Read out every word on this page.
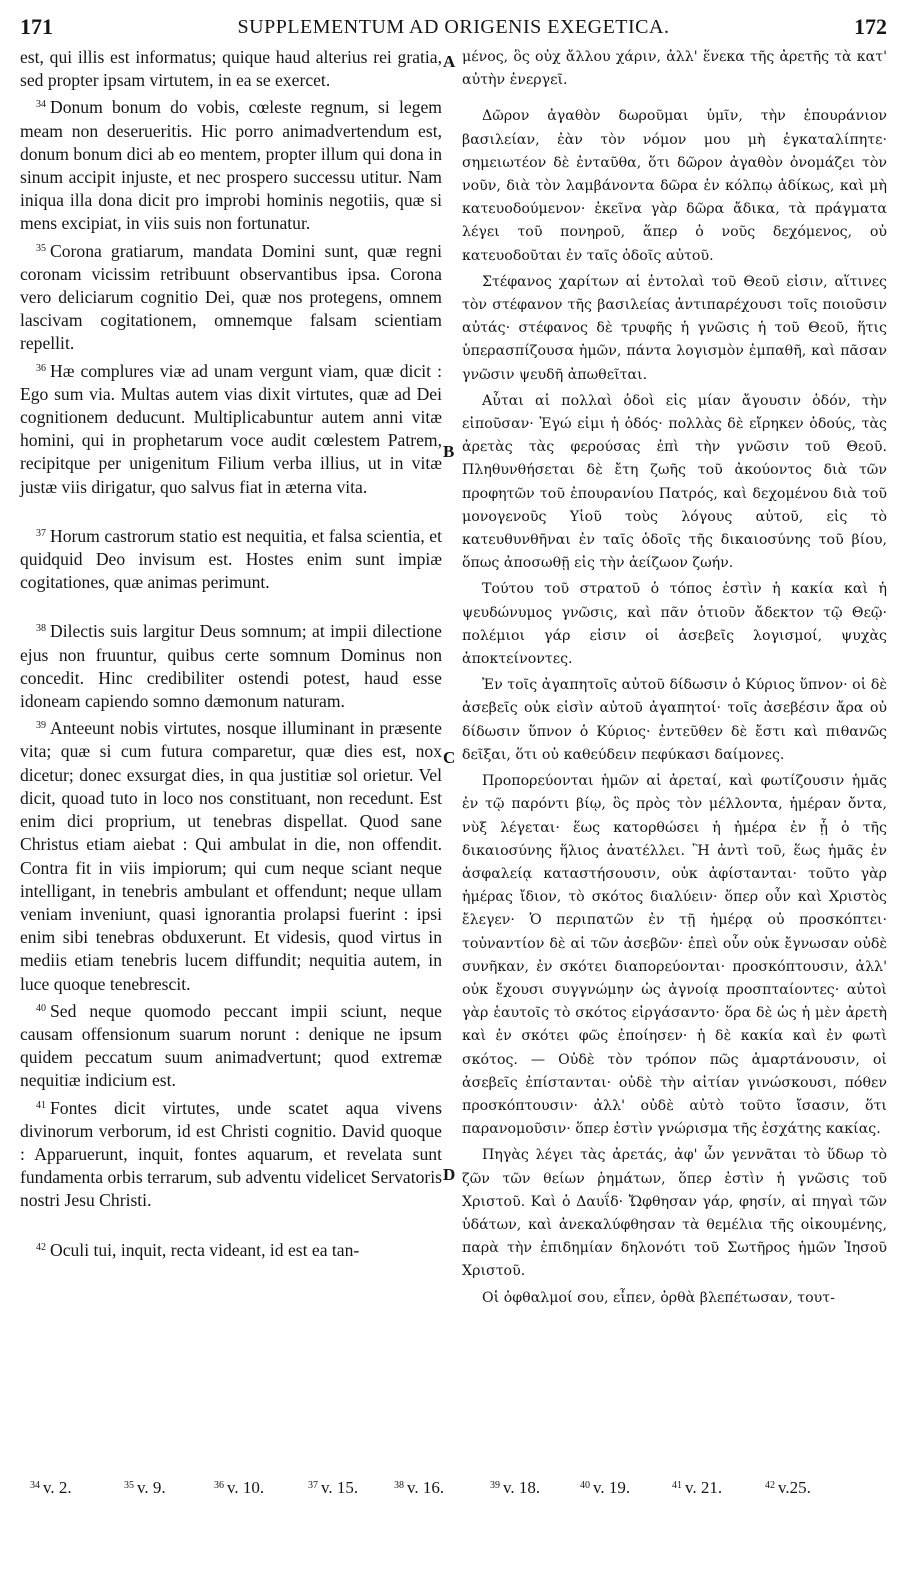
171	SUPPLEMENTUM AD ORIGENIS EXEGETICA.	172

est, qui illis est informatus; quique haud alterius rei gratia, sed propter ipsam virtutem, in ea se exercet.

$^{34}$ Donum bonum do vobis, cœleste regnum, si legem meam non deserueritis. Hic porro animadvertendum est, donum bonum dici ab eo mentem, propter illum qui dona in sinum accipit injuste, et nec prospero successu utitur. Nam iniqua illa dona dicit pro improbi hominis negotiis, quæ si mens excipiat, in viis suis non fortunatur.

$^{35}$ Corona gratiarum, mandata Domini sunt, quæ regni coronam vicissim retribuunt observantibus ipsa. Corona vero deliciarum cognitio Dei, quæ nos protegens, omnem lascivam cogitationem, omnemque falsam scientiam repellit.

$^{36}$ Hæ complures viæ ad unam vergunt viam, quæ dicit : Ego sum via. Multas autem vias dixit virtutes, quæ ad Dei cognitionem deducunt. Multiplicabuntur autem anni vitæ homini, qui in prophetarum voce audit cœlestem Patrem, recipitque per unigenitum Filium verba illius, ut in vitæ justæ viis dirigatur, quo salvus fiat in æterna vita.

$^{37}$ Horum castrorum statio est nequitia, et falsa scientia, et quidquid Deo invisum est. Hostes enim sunt impiæ cogitationes, quæ animas perimunt.

$^{38}$ Dilectis suis largitur Deus somnum; at impii dilectione ejus non fruuntur, quibus certe somnum Dominus non concedit. Hinc credibiliter ostendi potest, haud esse idoneam capiendo somno dæmonum naturam.

$^{39}$ Anteeunt nobis virtutes, nosque illuminant in præsente vita; quæ si cum futura comparetur, quæ dies est, nox dicetur; donec exsurgat dies, in qua justitiæ sol orietur. Vel dicit, quoad tuto in loco nos constituant, non recedunt. Est enim dici proprium, ut tenebras dispellat. Quod sane Christus etiam aiebat : Qui ambulat in die, non offendit. Contra fit in viis impiorum; qui cum neque sciant neque intelligant, in tenebris ambulant et offendunt; neque ullam veniam inveniunt, quasi ignorantia prolapsi fuerint : ipsi enim sibi tenebras obduxerunt. Et videsis, quod virtus in mediis etiam tenebris lucem diffundit; nequitia autem, in luce quoque tenebrescit.

$^{40}$ Sed neque quomodo peccant impii sciunt, neque causam offensionum suarum norunt : denique ne ipsum quidem peccatum suum animadvertunt; quod extremæ nequitiæ indicium est.

$^{41}$ Fontes dicit virtutes, unde scatet aqua vivens divinorum verborum, id est Christi cognitio. David quoque : Apparuerunt, inquit, fontes aquarum, et revelata sunt fundamenta orbis terrarum, sub adventu videlicet Servatoris nostri Jesu Christi.

$^{42}$ Oculi tui, inquit, recta videant, id est ea tan-

A
B
C
D

μένος, ὃς οὐχ ἄλλου χάριν, ἀλλ' ἕνεκα τῆς ἀρετῆς τὰ κατ' αὐτὴν ἐνεργεῖ.

Δῶρον ἀγαθὸν δωροῦμαι ὑμῖν, τὴν ἐπουράνιον βασιλείαν, ἐὰν τὸν νόμον μου μὴ ἐγκαταλίπητε· σημειωτέον δὲ ἐνταῦθα, ὅτι δῶρον ἀγαθὸν ὀνομάζει τὸν νοῦν, διὰ τὸν λαμβάνοντα δῶρα ἐν κόλπῳ ἀδίκως, καὶ μὴ κατευοδούμενον· ἐκεῖνα γὰρ δῶρα ἄδικα, τὰ πράγματα λέγει τοῦ πονηροῦ, ἅπερ ὁ νοῦς δεχόμενος, οὐ κατευοδοῦται ἐν ταῖς ὁδοῖς αὐτοῦ.

Στέφανος χαρίτων αἱ ἐντολαὶ τοῦ Θεοῦ εἰσιν, αἵτινες τὸν στέφανον τῆς βασιλείας ἀντιπαρέχουσι τοῖς ποιοῦσιν αὐτάς· στέφανος δὲ τρυφῆς ἡ γνῶσις ἡ τοῦ Θεοῦ, ἥτις ὑπερασπίζουσα ἡμῶν, πάντα λογισμὸν ἐμπαθῆ, καὶ πᾶσαν γνῶσιν ψευδῆ ἀπωθεῖται.

Αὗται αἱ πολλαὶ ὁδοὶ εἰς μίαν ἄγουσιν ὁδόν, τὴν εἰποῦσαν· Ἐγώ εἰμι ἡ ὁδός· πολλὰς δὲ εἴρηκεν ὁδούς, τὰς ἀρετὰς τὰς φερούσας ἐπὶ τὴν γνῶσιν τοῦ Θεοῦ. Πληθυνθήσεται δὲ ἔτη ζωῆς τοῦ ἀκούοντος διὰ τῶν προφητῶν τοῦ ἐπουρανίου Πατρός, καὶ δεχομένου διὰ τοῦ μονογενοῦς Υἱοῦ τοὺς λόγους αὐτοῦ, εἰς τὸ κατευθυνθῆναι ἐν ταῖς ὁδοῖς τῆς δικαιοσύνης τοῦ βίου, ὅπως ἀποσωθῇ εἰς τὴν ἀείζωον ζωήν.

Τούτου τοῦ στρατοῦ ὁ τόπος ἐστὶν ἡ κακία καὶ ἡ ψευδώνυμος γνῶσις, καὶ πᾶν ὁτιοῦν ἄδεκτον τῷ Θεῷ· πολέμιοι γάρ εἰσιν οἱ ἀσεβεῖς λογισμοί, ψυχὰς ἀποκτείνοντες.

Ἐν τοῖς ἀγαπητοῖς αὐτοῦ δίδωσιν ὁ Κύριος ὕπνον· οἱ δὲ ἀσεβεῖς οὐκ εἰσὶν αὐτοῦ ἀγαπητοί· τοῖς ἀσεβέσιν ἄρα οὐ δίδωσιν ὕπνον ὁ Κύριος· ἐντεῦθεν δὲ ἔστι καὶ πιθανῶς δεῖξαι, ὅτι οὐ καθεύδειν πεφύκασι δαίμονες.

Προπορεύονται ἡμῶν αἱ ἀρεταί, καὶ φωτίζουσιν ἡμᾶς ἐν τῷ παρόντι βίῳ, ὃς πρὸς τὸν μέλλοντα, ἡμέραν ὄντα, νὺξ λέγεται· ἕως κατορθώσει ἡ ἡμέρα ἐν ᾗ ὁ τῆς δικαιοσύνης ἥλιος ἀνατέλλει. Ἢ ἀντὶ τοῦ, ἕως ἡμᾶς ἐν ἀσφαλείᾳ καταστήσουσιν, οὐκ ἀφίστανται· τοῦτο γὰρ ἡμέρας ἴδιον, τὸ σκότος διαλύειν· ὅπερ οὖν καὶ Χριστὸς ἔλεγεν· Ὁ περιπατῶν ἐν τῇ ἡμέρᾳ οὐ προσκόπτει· τοὐναντίον δὲ αἱ τῶν ἀσεβῶν· ἐπεὶ οὖν οὐκ ἔγνωσαν οὐδὲ συνῆκαν, ἐν σκότει διαπορεύονται· προσκόπτουσιν, ἀλλ' οὐκ ἔχουσι συγγνώμην ὡς ἀγνοίᾳ προσπταίοντες· αὐτοὶ γὰρ ἑαυτοῖς τὸ σκότος εἰργάσαντο· ὅρα δὲ ὡς ἡ μὲν ἀρετὴ καὶ ἐν σκότει φῶς ἐποίησεν· ἡ δὲ κακία καὶ ἐν φωτὶ σκότος. — Οὐδὲ τὸν τρόπον πῶς ἁμαρτάνουσιν, οἱ ἀσεβεῖς ἐπίστανται· οὐδὲ τὴν αἰτίαν γινώσκουσι, πόθεν προσκόπτουσιν· ἀλλ' οὐδὲ αὐτὸ τοῦτο ἴσασιν, ὅτι παρανομοῦσιν· ὅπερ ἐστὶν γνώρισμα τῆς ἐσχάτης κακίας.

Πηγὰς λέγει τὰς ἀρετάς, ἀφ' ὧν γεννᾶται τὸ ὕδωρ τὸ ζῶν τῶν θείων ῥημάτων, ὅπερ ἐστὶν ἡ γνῶσις τοῦ Χριστοῦ. Καὶ ὁ Δαυΐδ· Ὤφθησαν γάρ, φησίν, αἱ πηγαὶ τῶν ὑδάτων, καὶ ἀνεκαλύφθησαν τὰ θεμέλια τῆς οἰκουμένης, παρὰ τὴν ἐπιδημίαν δηλονότι τοῦ Σωτῆρος ἡμῶν Ἰησοῦ Χριστοῦ.

Οἱ ὀφθαλμοί σου, εἶπεν, ὀρθὰ βλεπέτωσαν, τουτ-

$^{34}$ v. 2.	$^{35}$ v. 9.	$^{36}$ v. 10.	$^{37}$ v. 15.	$^{38}$ v. 16.	$^{39}$ v. 18.	$^{40}$ v. 19.	$^{41}$ v. 21.	$^{42}$ v.25.
